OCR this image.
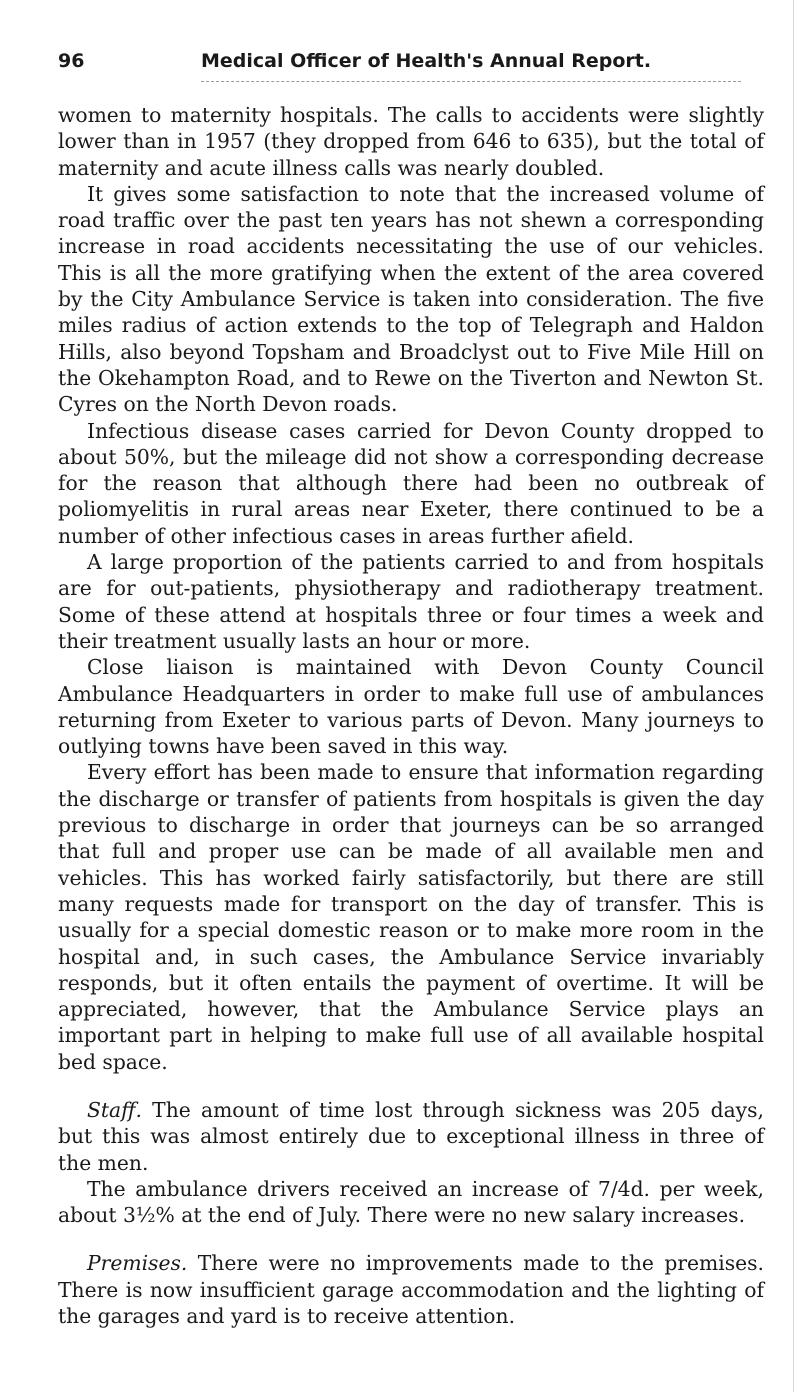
96	Medical Officer of Health's Annual Report.

women to maternity hospitals. The calls to accidents were slightly lower than in 1957 (they dropped from 646 to 635), but the total of maternity and acute illness calls was nearly doubled.

It gives some satisfaction to note that the increased volume of road traffic over the past ten years has not shewn a corresponding increase in road accidents necessitating the use of our vehicles. This is all the more gratifying when the extent of the area covered by the City Ambulance Service is taken into consideration. The five miles radius of action extends to the top of Telegraph and Haldon Hills, also beyond Topsham and Broadclyst out to Five Mile Hill on the Okehampton Road, and to Rewe on the Tiverton and Newton St. Cyres on the North Devon roads.

Infectious disease cases carried for Devon County dropped to about 50%, but the mileage did not show a corresponding decrease for the reason that although there had been no outbreak of poliomyelitis in rural areas near Exeter, there continued to be a number of other infectious cases in areas further afield.

A large proportion of the patients carried to and from hospitals are for out-patients, physiotherapy and radiotherapy treatment. Some of these attend at hospitals three or four times a week and their treatment usually lasts an hour or more.

Close liaison is maintained with Devon County Council Ambulance Headquarters in order to make full use of ambulances returning from Exeter to various parts of Devon. Many journeys to outlying towns have been saved in this way.

Every effort has been made to ensure that information regarding the discharge or transfer of patients from hospitals is given the day previous to discharge in order that journeys can be so arranged that full and proper use can be made of all available men and vehicles. This has worked fairly satisfactorily, but there are still many requests made for transport on the day of transfer. This is usually for a special domestic reason or to make more room in the hospital and, in such cases, the Ambulance Service invariably responds, but it often entails the payment of overtime. It will be appreciated, however, that the Ambulance Service plays an important part in helping to make full use of all available hospital bed space.

Staff. The amount of time lost through sickness was 205 days, but this was almost entirely due to exceptional illness in three of the men.

The ambulance drivers received an increase of 7/4d. per week, about 3½% at the end of July. There were no new salary increases.

Premises. There were no improvements made to the premises. There is now insufficient garage accommodation and the lighting of the garages and yard is to receive attention.
